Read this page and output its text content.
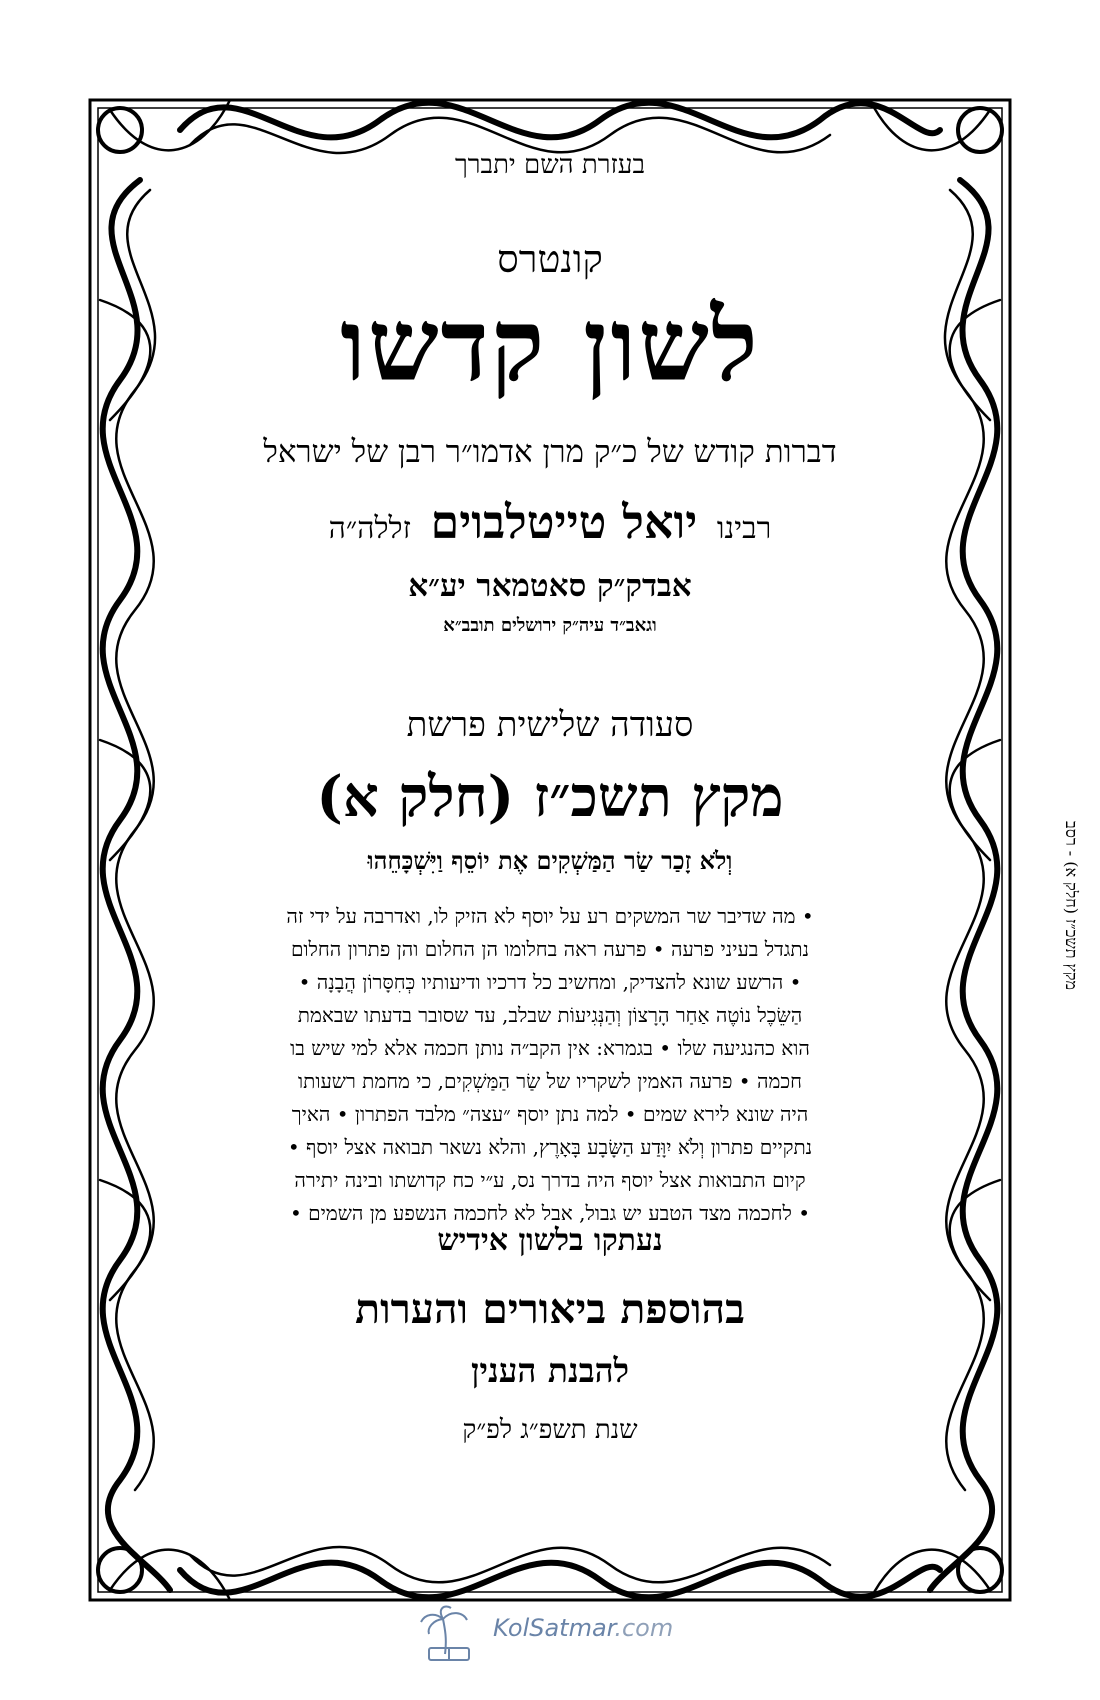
בעזרת השם יתברך
קונטרס
לשון קדשו
דברות קודש של כ״ק מרן אדמו״ר רבן של ישראל
רבינו יואל טייטלבוים זללה״ה
אבדק״ק סאטמאר יע״א
וגאב״ד עיה״ק ירושלים תובב״א
סעודה שלישית פרשת
מקץ תשכ״ז (חלק א)
וְלֹא זָכַר שַׂר הַמַּשְׁקִים אֶת יוֹסֵף וַיִּשְׁכָּחֵהוּ
• מה שדיבר שר המשקים רע על יוסף לא הזיק לו, ואדרבה על ידי זה
נתגדל בעיני פרעה • פרעה ראה בחלומו הן החלום והן פתרון החלום
• הרשע שונא להצדיק, ומחשיב כל דרכיו ודיעותיו כְּחִסָּרוֹן הֲבָנָה •
הַשֵּׂכֶל נוֹטֶה אַחַר הָרָצוֹן וְהַנְּגִיעוֹת שבלב, עד שסובר בדעתו שבאמת
הוא כהנגיעה שלו • בגמרא: אין הקב״ה נותן חכמה אלא למי שיש בו
חכמה • פרעה האמין לשקריו של שַׂר הַמַּשְׁקִים, כי מחמת רשעותו
היה שונא לירא שמים • למה נתן יוסף ״עצה״ מלבד הפתרון • האיך
נתקיים פתרון וְלֹא יִוָּדַע הַשָּׂבָע בָּאָרֶץ, והלא נשאר תבואה אצל יוסף •
קיום התבואות אצל יוסף היה בדרך נס, ע״י כח קדושתו ובינה יתירה
• לחכמה מצד הטבע יש גבול, אבל לא לחכמה הנשפע מן השמים •
נעתקו בלשון אידיש
בהוספת ביאורים והערות
להבנת הענין
שנת תשפ״ג לפ״ק
מקץ תשכ״ז (חלק א) - רסב
KolSatmar.com
